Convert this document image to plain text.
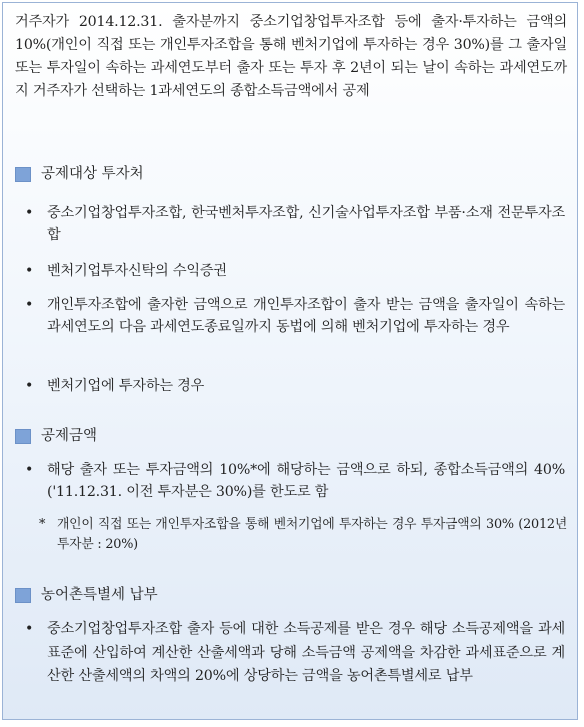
거주자가 2014.12.31. 출자분까지 중소기업창업투자조합 등에 출자·투자하는 금액의 10%(개인이 직접 또는 개인투자조합을 통해 벤처기업에 투자하는 경우 30%)를 그 출자일 또는 투자일이 속하는 과세연도부터 출자 또는 투자 후 2년이 되는 날이 속하는 과세연도까지 거주자가 선택하는 1과세연도의 종합소득금액에서 공제
공제대상 투자처
• 중소기업창업투자조합, 한국벤처투자조합, 신기술사업투자조합 부품·소재 전문투자조합
• 벤처기업투자신탁의 수익증권
• 개인투자조합에 출자한 금액으로 개인투자조합이 출자 받는 금액을 출자일이 속하는 과세연도의 다음 과세연도종료일까지 동법에 의해 벤처기업에 투자하는 경우
• 벤처기업에 투자하는 경우
공제금액
• 해당 출자 또는 투자금액의 10%*에 해당하는 금액으로 하되, 종합소득금액의 40% ('11.12.31. 이전 투자분은 30%)를 한도로 함
* 개인이 직접 또는 개인투자조합을 통해 벤처기업에 투자하는 경우 투자금액의 30% (2012년 투자분 : 20%)
농어촌특별세 납부
• 중소기업창업투자조합 출자 등에 대한 소득공제를 받은 경우 해당 소득공제액을 과세표준에 산입하여 계산한 산출세액과 당해 소득금액 공제액을 차감한 과세표준으로 계산한 산출세액의 차액의 20%에 상당하는 금액을 농어촌특별세로 납부
